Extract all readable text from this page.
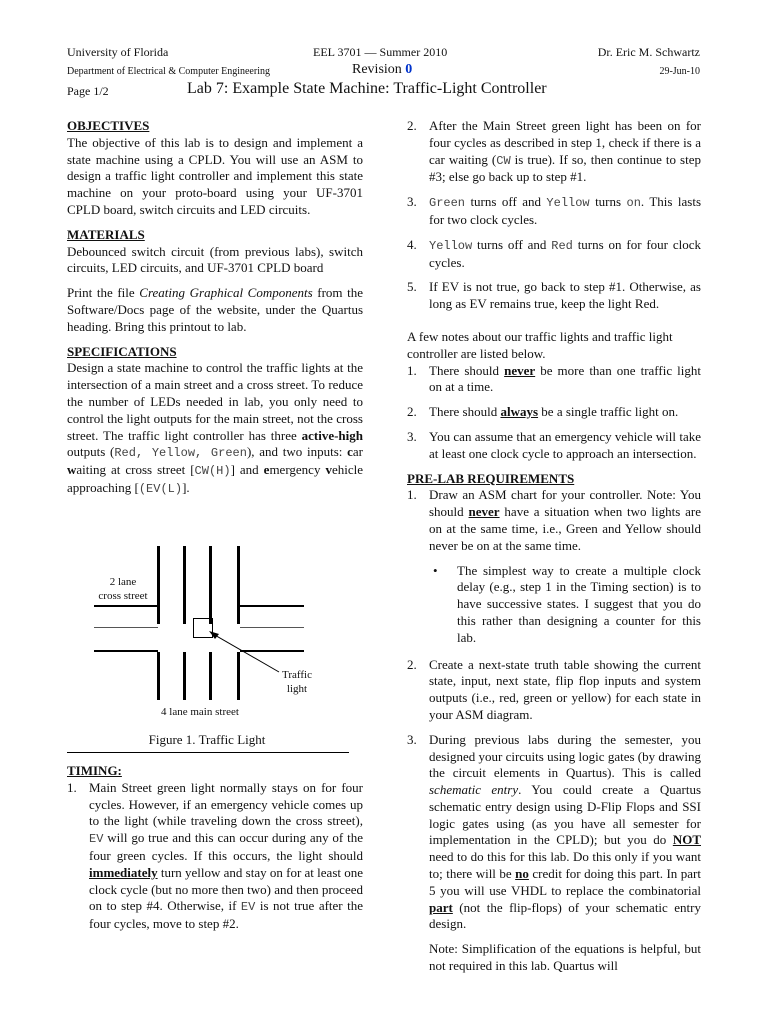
University of Florida	EEL 3701 — Summer 2010	Dr. Eric M. Schwartz
Department of Electrical & Computer Engineering	Revision 0	29-Jun-10
Page 1/2	Lab 7: Example State Machine: Traffic-Light Controller
OBJECTIVES

The objective of this lab is to design and implement a state machine using a CPLD. You will use an ASM to design a traffic light controller and implement this state machine on your proto-board using your UF-3701 CPLD board, switch circuits and LED circuits.

MATERIALS

Debounced switch circuit (from previous labs), switch circuits, LED circuits, and UF-3701 CPLD board

Print the file Creating Graphical Components from the Software/Docs page of the website, under the Quartus heading. Bring this printout to lab.

SPECIFICATIONS

Design a state machine to control the traffic lights at the intersection of a main street and a cross street. To reduce the number of LEDs needed in lab, you only need to control the light outputs for the main street, not the cross street. The traffic light controller has three active-high outputs (Red, Yellow, Green), and two inputs: car waiting at cross street [CW(H)] and emergency vehicle approaching [(EV(L)].

2 lane
cross street
Traffic
light
4 lane main street
Figure 1. Traffic Light
TIMING:
1. Main Street green light normally stays on for four cycles. However, if an emergency vehicle comes up to the light (while traveling down the cross street), EV will go true and this can occur during any of the four green cycles. If this occurs, the light should immediately turn yellow and stay on for at least one clock cycle (but no more then two) and then proceed on to step #4. Otherwise, if EV is not true after the four cycles, move to step #2.
2. After the Main Street green light has been on for four cycles as described in step 1, check if there is a car waiting (CW is true). If so, then continue to step #3; else go back up to step #1.
3. Green turns off and Yellow turns on. This lasts for two clock cycles.
4. Yellow turns off and Red turns on for four clock cycles.
5. If EV is not true, go back to step #1. Otherwise, as long as EV remains true, keep the light Red.

A few notes about our traffic lights and traffic light controller are listed below.

1. There should never be more than one traffic light on at a time.
2. There should always be a single traffic light on.
3. You can assume that an emergency vehicle will take at least one clock cycle to approach an intersection.
PRE-LAB REQUIREMENTS
1. Draw an ASM chart for your controller. Note: You should never have a situation when two lights are on at the same time, i.e., Green and Yellow should never be on at the same time.
• The simplest way to create a multiple clock delay (e.g., step 1 in the Timing section) is to have successive states. I suggest that you do this rather than designing a counter for this lab.
2. Create a next-state truth table showing the current state, input, next state, flip flop inputs and system outputs (i.e., red, green or yellow) for each state in your ASM diagram.
3. During previous labs during the semester, you designed your circuits using logic gates (by drawing the circuit elements in Quartus). This is called schematic entry. You could create a Quartus schematic entry design using D-Flip Flops and SSI logic gates using (as you have all semester for implementation in the CPLD); but you do NOT need to do this for this lab. Do this only if you want to; there will be no credit for doing this part. In part 5 you will use VHDL to replace the combinatorial part (not the flip-flops) of your schematic entry design.

Note: Simplification of the equations is helpful, but not required in this lab. Quartus will
